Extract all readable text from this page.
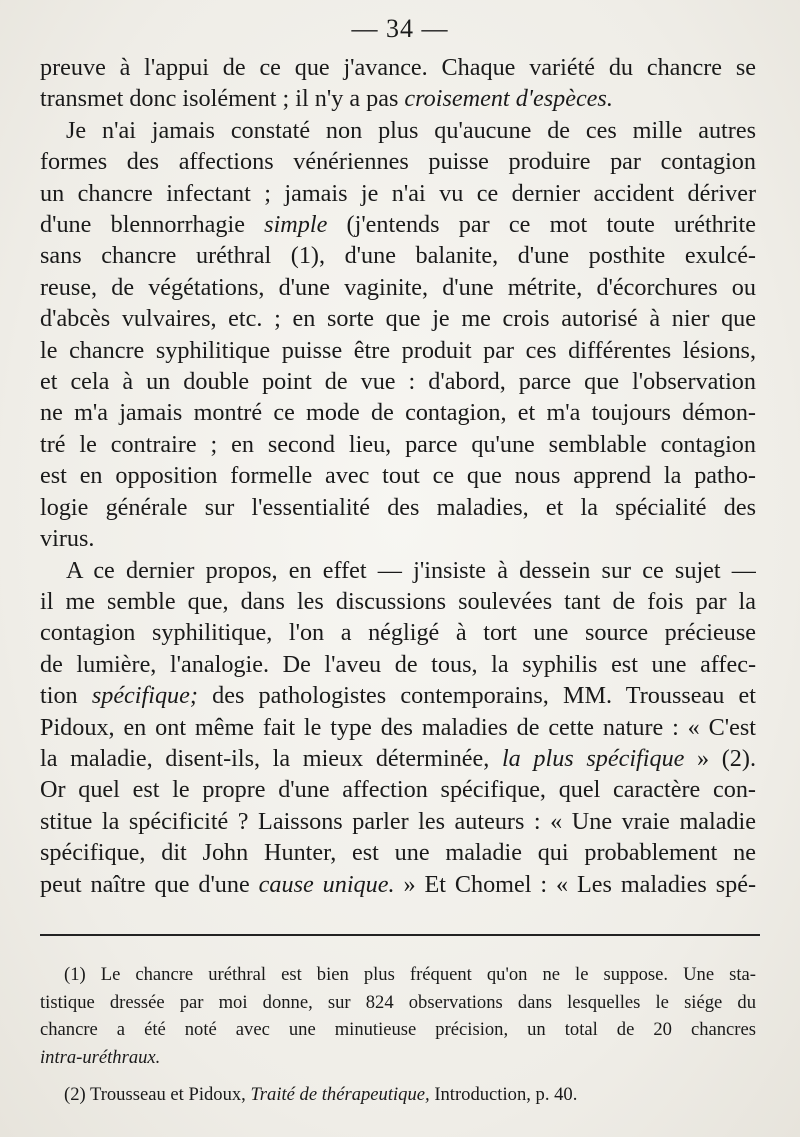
— 34 —
preuve à l'appui de ce que j'avance. Chaque variété du chancre se
transmet donc isolément ; il n'y a pas croisement d'espèces.
Je n'ai jamais constaté non plus qu'aucune de ces mille autres
formes des affections vénériennes puisse produire par contagion
un chancre infectant ; jamais je n'ai vu ce dernier accident dériver
d'une blennorrhagie simple (j'entends par ce mot toute uréthrite
sans chancre uréthral (1), d'une balanite, d'une posthite exulcé-
reuse, de végétations, d'une vaginite, d'une métrite, d'écorchures ou
d'abcès vulvaires, etc. ; en sorte que je me crois autorisé à nier que
le chancre syphilitique puisse être produit par ces différentes lésions,
et cela à un double point de vue : d'abord, parce que l'observation
ne m'a jamais montré ce mode de contagion, et m'a toujours démon-
tré le contraire ; en second lieu, parce qu'une semblable contagion
est en opposition formelle avec tout ce que nous apprend la patho-
logie générale sur l'essentialité des maladies, et la spécialité des
virus.
A ce dernier propos, en effet — j'insiste à dessein sur ce sujet —
il me semble que, dans les discussions soulevées tant de fois par la
contagion syphilitique, l'on a négligé à tort une source précieuse
de lumière, l'analogie. De l'aveu de tous, la syphilis est une affec-
tion spécifique; des pathologistes contemporains, MM. Trousseau et
Pidoux, en ont même fait le type des maladies de cette nature : « C'est
la maladie, disent-ils, la mieux déterminée, la plus spécifique » (2).
Or quel est le propre d'une affection spécifique, quel caractère con-
stitue la spécificité ? Laissons parler les auteurs : « Une vraie maladie
spécifique, dit John Hunter, est une maladie qui probablement ne
peut naître que d'une cause unique. » Et Chomel : « Les maladies spé-
(1) Le chancre uréthral est bien plus fréquent qu'on ne le suppose. Une sta-
tistique dressée par moi donne, sur 824 observations dans lesquelles le siége du
chancre a été noté avec une minutieuse précision, un total de 20 chancres
intra-uréthraux.
(2) Trousseau et Pidoux, Traité de thérapeutique, Introduction, p. 40.
